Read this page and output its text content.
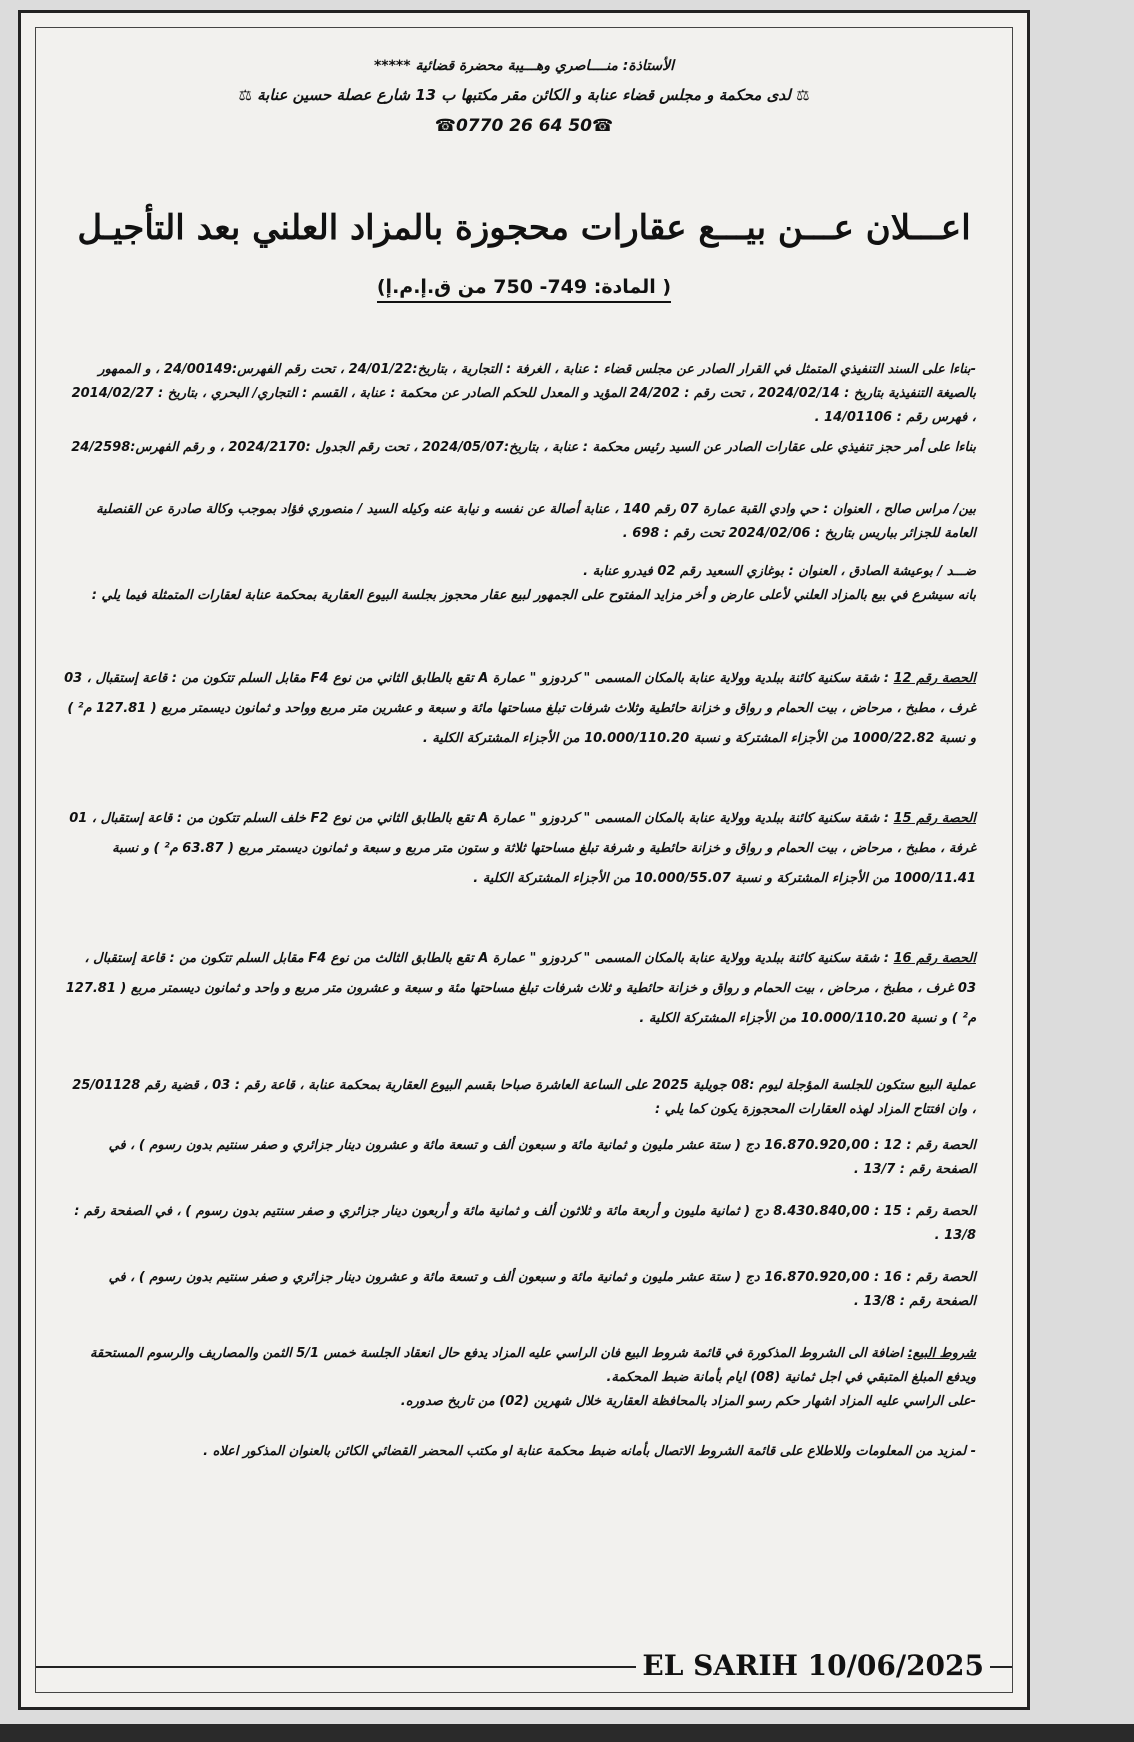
***** الأستاذة: منــــاصري وهـــيبة محضرة قضائية
⚖ لدى محكمة و مجلس قضاء عنابة و الكائن مقر مكتبها ب 13 شارع عصلة حسين عنابة ⚖
☎0770 26 64 50☎
اعـــلان عـــن بيـــع عقارات محجوزة بالمزاد العلني بعد التأجيـل
( المادة: 749- 750 من ق.إ.م.إ)
-بناءا على السند التنفيذي المتمثل في القرار الصادر عن مجلس قضاء : عنابة ، الغرفة : التجارية ، بتاريخ:24/01/22 ، تحت رقم الفهرس:24/00149 ، و الممهور بالصيغة التنفيذية بتاريخ : 2024/02/14 ، تحت رقم : 24/202 المؤيد و المعدل للحكم الصادر عن محكمة : عنابة ، القسم : التجاري/ البحري ، بتاريخ : 2014/02/27 ، فهرس رقم : 14/01106 .
بناءا على أمر حجز تنفيذي على عقارات الصادر عن السيد رئيس محكمة : عنابة ، بتاريخ:2024/05/07 ، تحت رقم الجدول :2024/2170 ، و رقم الفهرس:24/2598
بين/ مراس صالح ، العنوان : حي وادي القبة عمارة 07 رقم 140 ، عنابة أصالة عن نفسه و نيابة عنه وكيله السيد / منصوري فؤاد بموجب وكالة صادرة عن القنصلية العامة للجزائر بباريس بتاريخ : 2024/02/06 تحت رقم : 698 .
ضـــد / بوعيشة الصادق ، العنوان : بوغازي السعيد رقم 02 فيدرو عنابة .
بانه سيشرع في بيع بالمزاد العلني لأعلى عارض و أخر مزايد المفتوح على الجمهور لبيع عقار محجوز بجلسة البيوع العقارية بمحكمة عنابة لعقارات المتمثلة فيما يلي :
الحصة رقم 12 : شقة سكنية كائنة ببلدية وولاية عنابة بالمكان المسمى " كردوزو " عمارة A تقع بالطابق الثاني من نوع F4 مقابل السلم تتكون من : قاعة إستقبال ، 03 غرف ، مطبخ ، مرحاض ، بيت الحمام و رواق و خزانة حائطية وثلاث شرفات تبلغ مساحتها مائة و سبعة و عشرين متر مربع وواحد و ثمانون ديسمتر مربع ( 127.81 م² ) و نسبة 1000/22.82 من الأجزاء المشتركة و نسبة 10.000/110.20 من الأجزاء المشتركة الكلية .
الحصة رقم 15 : شقة سكنية كائنة ببلدية وولاية عنابة بالمكان المسمى " كردوزو " عمارة A تقع بالطابق الثاني من نوع F2 خلف السلم تتكون من : قاعة إستقبال ، 01 غرفة ، مطبخ ، مرحاض ، بيت الحمام و رواق و خزانة حائطية و شرفة تبلغ مساحتها ثلاثة و ستون متر مربع و سبعة و ثمانون ديسمتر مربع ( 63.87 م² ) و نسبة 1000/11.41 من الأجزاء المشتركة و نسبة 10.000/55.07 من الأجزاء المشتركة الكلية .
الحصة رقم 16 : شقة سكنية كائنة ببلدية وولاية عنابة بالمكان المسمى " كردوزو " عمارة A تقع بالطابق الثالث من نوع F4 مقابل السلم تتكون من : قاعة إستقبال ، 03 غرف ، مطبخ ، مرحاض ، بيت الحمام و رواق و خزانة حائطية و ثلاث شرفات تبلغ مساحتها مئة و سبعة و عشرون متر مربع و واحد و ثمانون ديسمتر مربع ( 127.81 م² ) و نسبة 10.000/110.20 من الأجزاء المشتركة الكلية .
عملية البيع ستكون للجلسة المؤجلة ليوم :08 جويلية 2025 على الساعة العاشرة صباحا بقسم البيوع العقارية بمحكمة عنابة ، قاعة رقم : 03 ، قضية رقم 25/01128 ، وان افتتاح المزاد لهذه العقارات المحجوزة يكون كما يلي :
الحصة رقم : 12 : 16.870.920,00 دج ( ستة عشر مليون و ثمانية مائة و سبعون ألف و تسعة مائة و عشرون دينار جزائري و صفر سنتيم بدون رسوم ) ، في الصفحة رقم : 13/7 .
الحصة رقم : 15 : 8.430.840,00 دج ( ثمانية مليون و أربعة مائة و ثلاثون ألف و ثمانية مائة و أربعون دينار جزائري و صفر سنتيم بدون رسوم ) ، في الصفحة رقم : 13/8 .
الحصة رقم : 16 : 16.870.920,00 دج ( ستة عشر مليون و ثمانية مائة و سبعون ألف و تسعة مائة و عشرون دينار جزائري و صفر سنتيم بدون رسوم ) ، في الصفحة رقم : 13/8 .
شروط البيع: اضافة الى الشروط المذكورة في قائمة شروط البيع فان الراسي عليه المزاد يدفع حال انعقاد الجلسة خمس 5/1 الثمن والمصاريف والرسوم المستحقة ويدفع المبلغ المتبقي في اجل ثمانية (08) ايام بأمانة ضبط المحكمة.
-على الراسي عليه المزاد اشهار حكم رسو المزاد بالمحافظة العقارية خلال شهرين (02) من تاريخ صدوره.
- لمزيد من المعلومات وللاطلاع على قائمة الشروط الاتصال بأمانه ضبط محكمة عنابة او مكتب المحضر القضائي الكائن بالعنوان المذكور اعلاه .
EL SARIH 10/06/2025
